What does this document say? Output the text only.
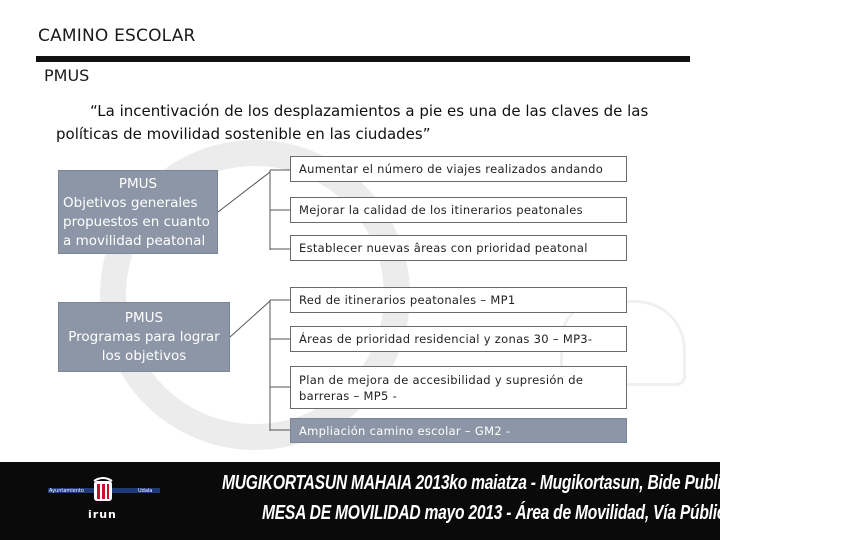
CAMINO ESCOLAR
PMUS
“La incentivación de los desplazamientos a pie es una de las claves de las políticas de movilidad sostenible en las ciudades”
PMUS
Objetivos generales propuestos en cuanto a movilidad peatonal
PMUS
Programas para lograr los objetivos
Aumentar el número de viajes realizados andando
Mejorar la calidad de los itinerarios peatonales
Establecer nuevas âreas con prioridad peatonal
Red de itinerarios peatonales – MP1
Áreas de prioridad residencial y zonas 30 – MP3-
Plan de mejora de accesibilidad y supresión de barreras – MP5 -
Ampliación camino escolar – GM2 -
Ayuntamiento	Udala
irun
MUGIKORTASUN MAHAIA 2013ko maiatza - Mugikortasun, Bide Publiko eta Obra Arloa
MESA DE MOVILIDAD mayo 2013 - Área de Movilidad, Vía Pública y Obras
